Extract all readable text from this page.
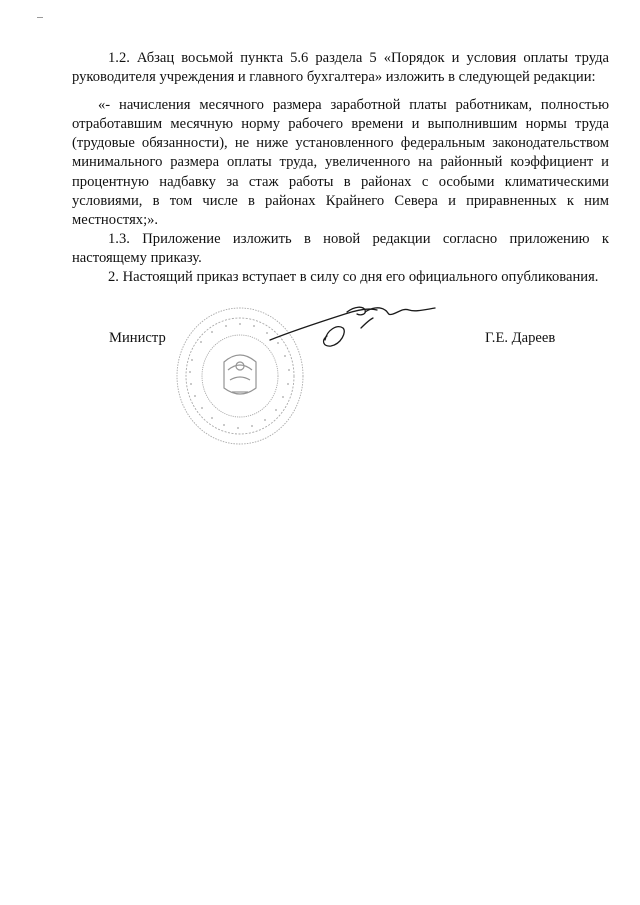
1.2. Абзац восьмой пункта 5.6 раздела 5 «Порядок и условия оплаты труда руководителя учреждения и главного бухгалтера» изложить в следующей редакции:

«- начисления месячного размера заработной платы работникам, полностью отработавшим месячную норму рабочего времени и выполнившим нормы труда (трудовые обязанности), не ниже установленного федеральным законодательством минимального размера оплаты труда, увеличенного на районный коэффициент и процентную надбавку за стаж работы в районах с особыми климатическими условиями, в том числе в районах Крайнего Севера и приравненных к ним местностях;».

1.3. Приложение изложить в новой редакции согласно приложению к настоящему приказу.

2. Настоящий приказ вступает в силу со дня его официального опубликования.

Министр	Г.Е. Дареев
